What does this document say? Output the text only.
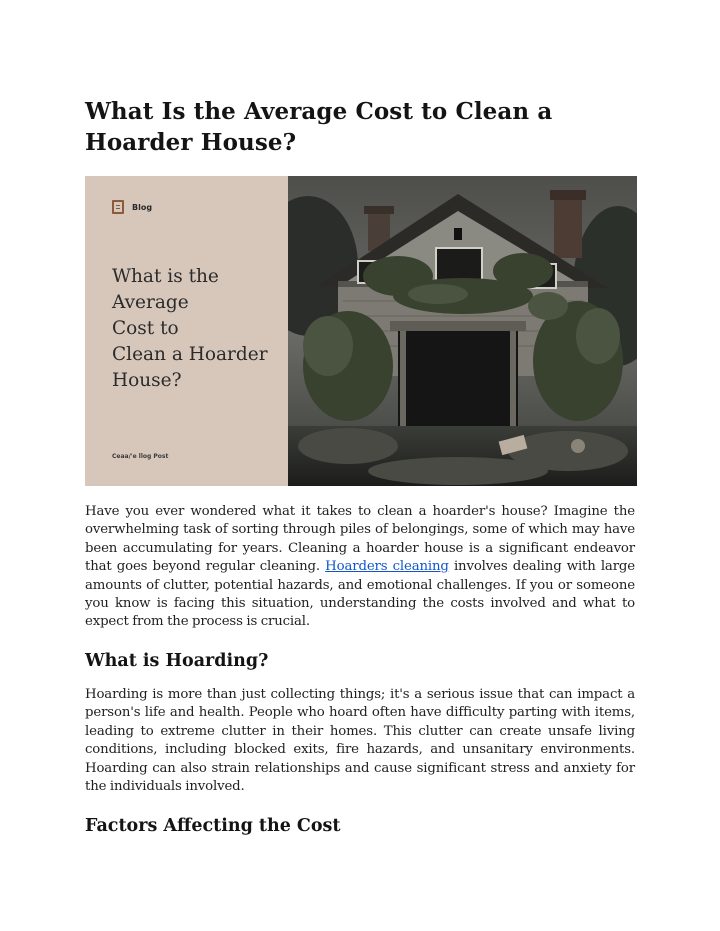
What Is the Average Cost to Clean a Hoarder House?
Blog
What is the
Average
Cost to
Clean a Hoarder
House?
Ceaa/'e llog Post

Have you ever wondered what it takes to clean a hoarder's house? Imagine the overwhelming task of sorting through piles of belongings, some of which may have been accumulating for years. Cleaning a hoarder house is a significant endeavor that goes beyond regular cleaning. Hoarders cleaning involves dealing with large amounts of clutter, potential hazards, and emotional challenges. If you or someone you know is facing this situation, understanding the costs involved and what to expect from the process is crucial.

What is Hoarding?

Hoarding is more than just collecting things; it's a serious issue that can impact a person's life and health. People who hoard often have difficulty parting with items, leading to extreme clutter in their homes. This clutter can create unsafe living conditions, including blocked exits, fire hazards, and unsanitary environments. Hoarding can also strain relationships and cause significant stress and anxiety for the individuals involved.

Factors Affecting the Cost
